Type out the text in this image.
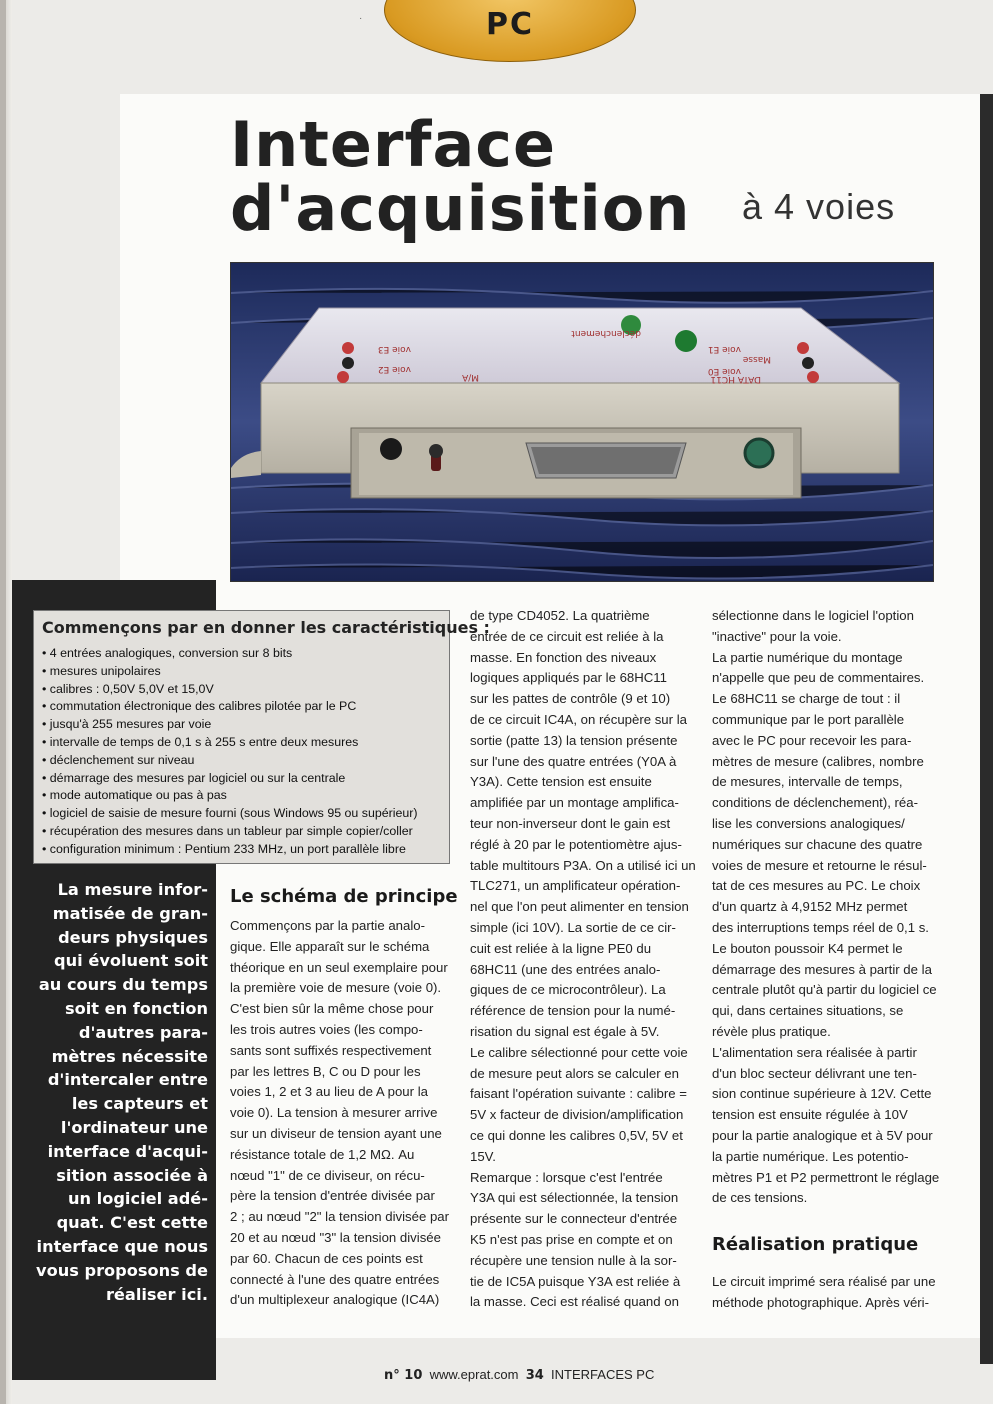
·	PC
Interface
d'acquisition à 4 voies
DATA HC11
déclenchement
voie E1
Masse
voie E0
voie E3
voie E2
M/A
Commençons par en donner les caractéristiques :
• 4 entrées analogiques, conversion sur 8 bits
• mesures unipolaires
• calibres : 0,50V 5,0V et 15,0V
• commutation électronique des calibres pilotée par le PC
• jusqu'à 255 mesures par voie
• intervalle de temps de 0,1 s à 255 s entre deux mesures
• déclenchement sur niveau
• démarrage des mesures par logiciel ou sur la centrale
• mode automatique ou pas à pas
• logiciel de saisie de mesure fourni (sous Windows 95 ou supérieur)
• récupération des mesures dans un tableur par simple copier/coller
• configuration minimum : Pentium 233 MHz, un port parallèle libre
La mesure infor-
matisée de gran-
deurs physiques
qui évoluent soit
au cours du temps
soit en fonction
d'autres para-
mètres nécessite
d'intercaler entre
les capteurs et
l'ordinateur une
interface d'acqui-
sition associée à
un logiciel adé-
quat. C'est cette
interface que nous
vous proposons de
réaliser ici.
Le schéma de principe
Commençons par la partie analo-
gique. Elle apparaît sur le schéma
théorique en un seul exemplaire pour
la première voie de mesure (voie 0).
C'est bien sûr la même chose pour
les trois autres voies (les compo-
sants sont suffixés respectivement
par les lettres B, C ou D pour les
voies 1, 2 et 3 au lieu de A pour la
voie 0). La tension à mesurer arrive
sur un diviseur de tension ayant une
résistance totale de 1,2 MΩ. Au
nœud "1" de ce diviseur, on récu-
père la tension d'entrée divisée par
2 ; au nœud "2" la tension divisée par
20 et au nœud "3" la tension divisée
par 60. Chacun de ces points est
connecté à l'une des quatre entrées
d'un multiplexeur analogique (IC4A)
de type CD4052. La quatrième
entrée de ce circuit est reliée à la
masse. En fonction des niveaux
logiques appliqués par le 68HC11
sur les pattes de contrôle (9 et 10)
de ce circuit IC4A, on récupère sur la
sortie (patte 13) la tension présente
sur l'une des quatre entrées (Y0A à
Y3A). Cette tension est ensuite
amplifiée par un montage amplifica-
teur non-inverseur dont le gain est
réglé à 20 par le potentiomètre ajus-
table multitours P3A. On a utilisé ici un
TLC271, un amplificateur opération-
nel que l'on peut alimenter en tension
simple (ici 10V). La sortie de ce cir-
cuit est reliée à la ligne PE0 du
68HC11 (une des entrées analo-
giques de ce microcontrôleur). La
référence de tension pour la numé-
risation du signal est égale à 5V.
Le calibre sélectionné pour cette voie
de mesure peut alors se calculer en
faisant l'opération suivante : calibre =
5V x facteur de division/amplification
ce qui donne les calibres 0,5V, 5V et
15V.
Remarque : lorsque c'est l'entrée
Y3A qui est sélectionnée, la tension
présente sur le connecteur d'entrée
K5 n'est pas prise en compte et on
récupère une tension nulle à la sor-
tie de IC5A puisque Y3A est reliée à
la masse. Ceci est réalisé quand on
sélectionne dans le logiciel l'option
"inactive" pour la voie.
La partie numérique du montage
n'appelle que peu de commentaires.
Le 68HC11 se charge de tout : il
communique par le port parallèle
avec le PC pour recevoir les para-
mètres de mesure (calibres, nombre
de mesures, intervalle de temps,
conditions de déclenchement), réa-
lise les conversions analogiques/
numériques sur chacune des quatre
voies de mesure et retourne le résul-
tat de ces mesures au PC. Le choix
d'un quartz à 4,9152 MHz permet
des interruptions temps réel de 0,1 s.
Le bouton poussoir K4 permet le
démarrage des mesures à partir de la
centrale plutôt qu'à partir du logiciel ce
qui, dans certaines situations, se
révèle plus pratique.
L'alimentation sera réalisée à partir
d'un bloc secteur délivrant une ten-
sion continue supérieure à 12V. Cette
tension est ensuite régulée à 10V
pour la partie analogique et à 5V pour
la partie numérique. Les potentio-
mètres P1 et P2 permettront le réglage
de ces tensions.
Réalisation pratique
Le circuit imprimé sera réalisé par une
méthode photographique. Après véri-
n° 10 www.eprat.com 34 INTERFACES PC
